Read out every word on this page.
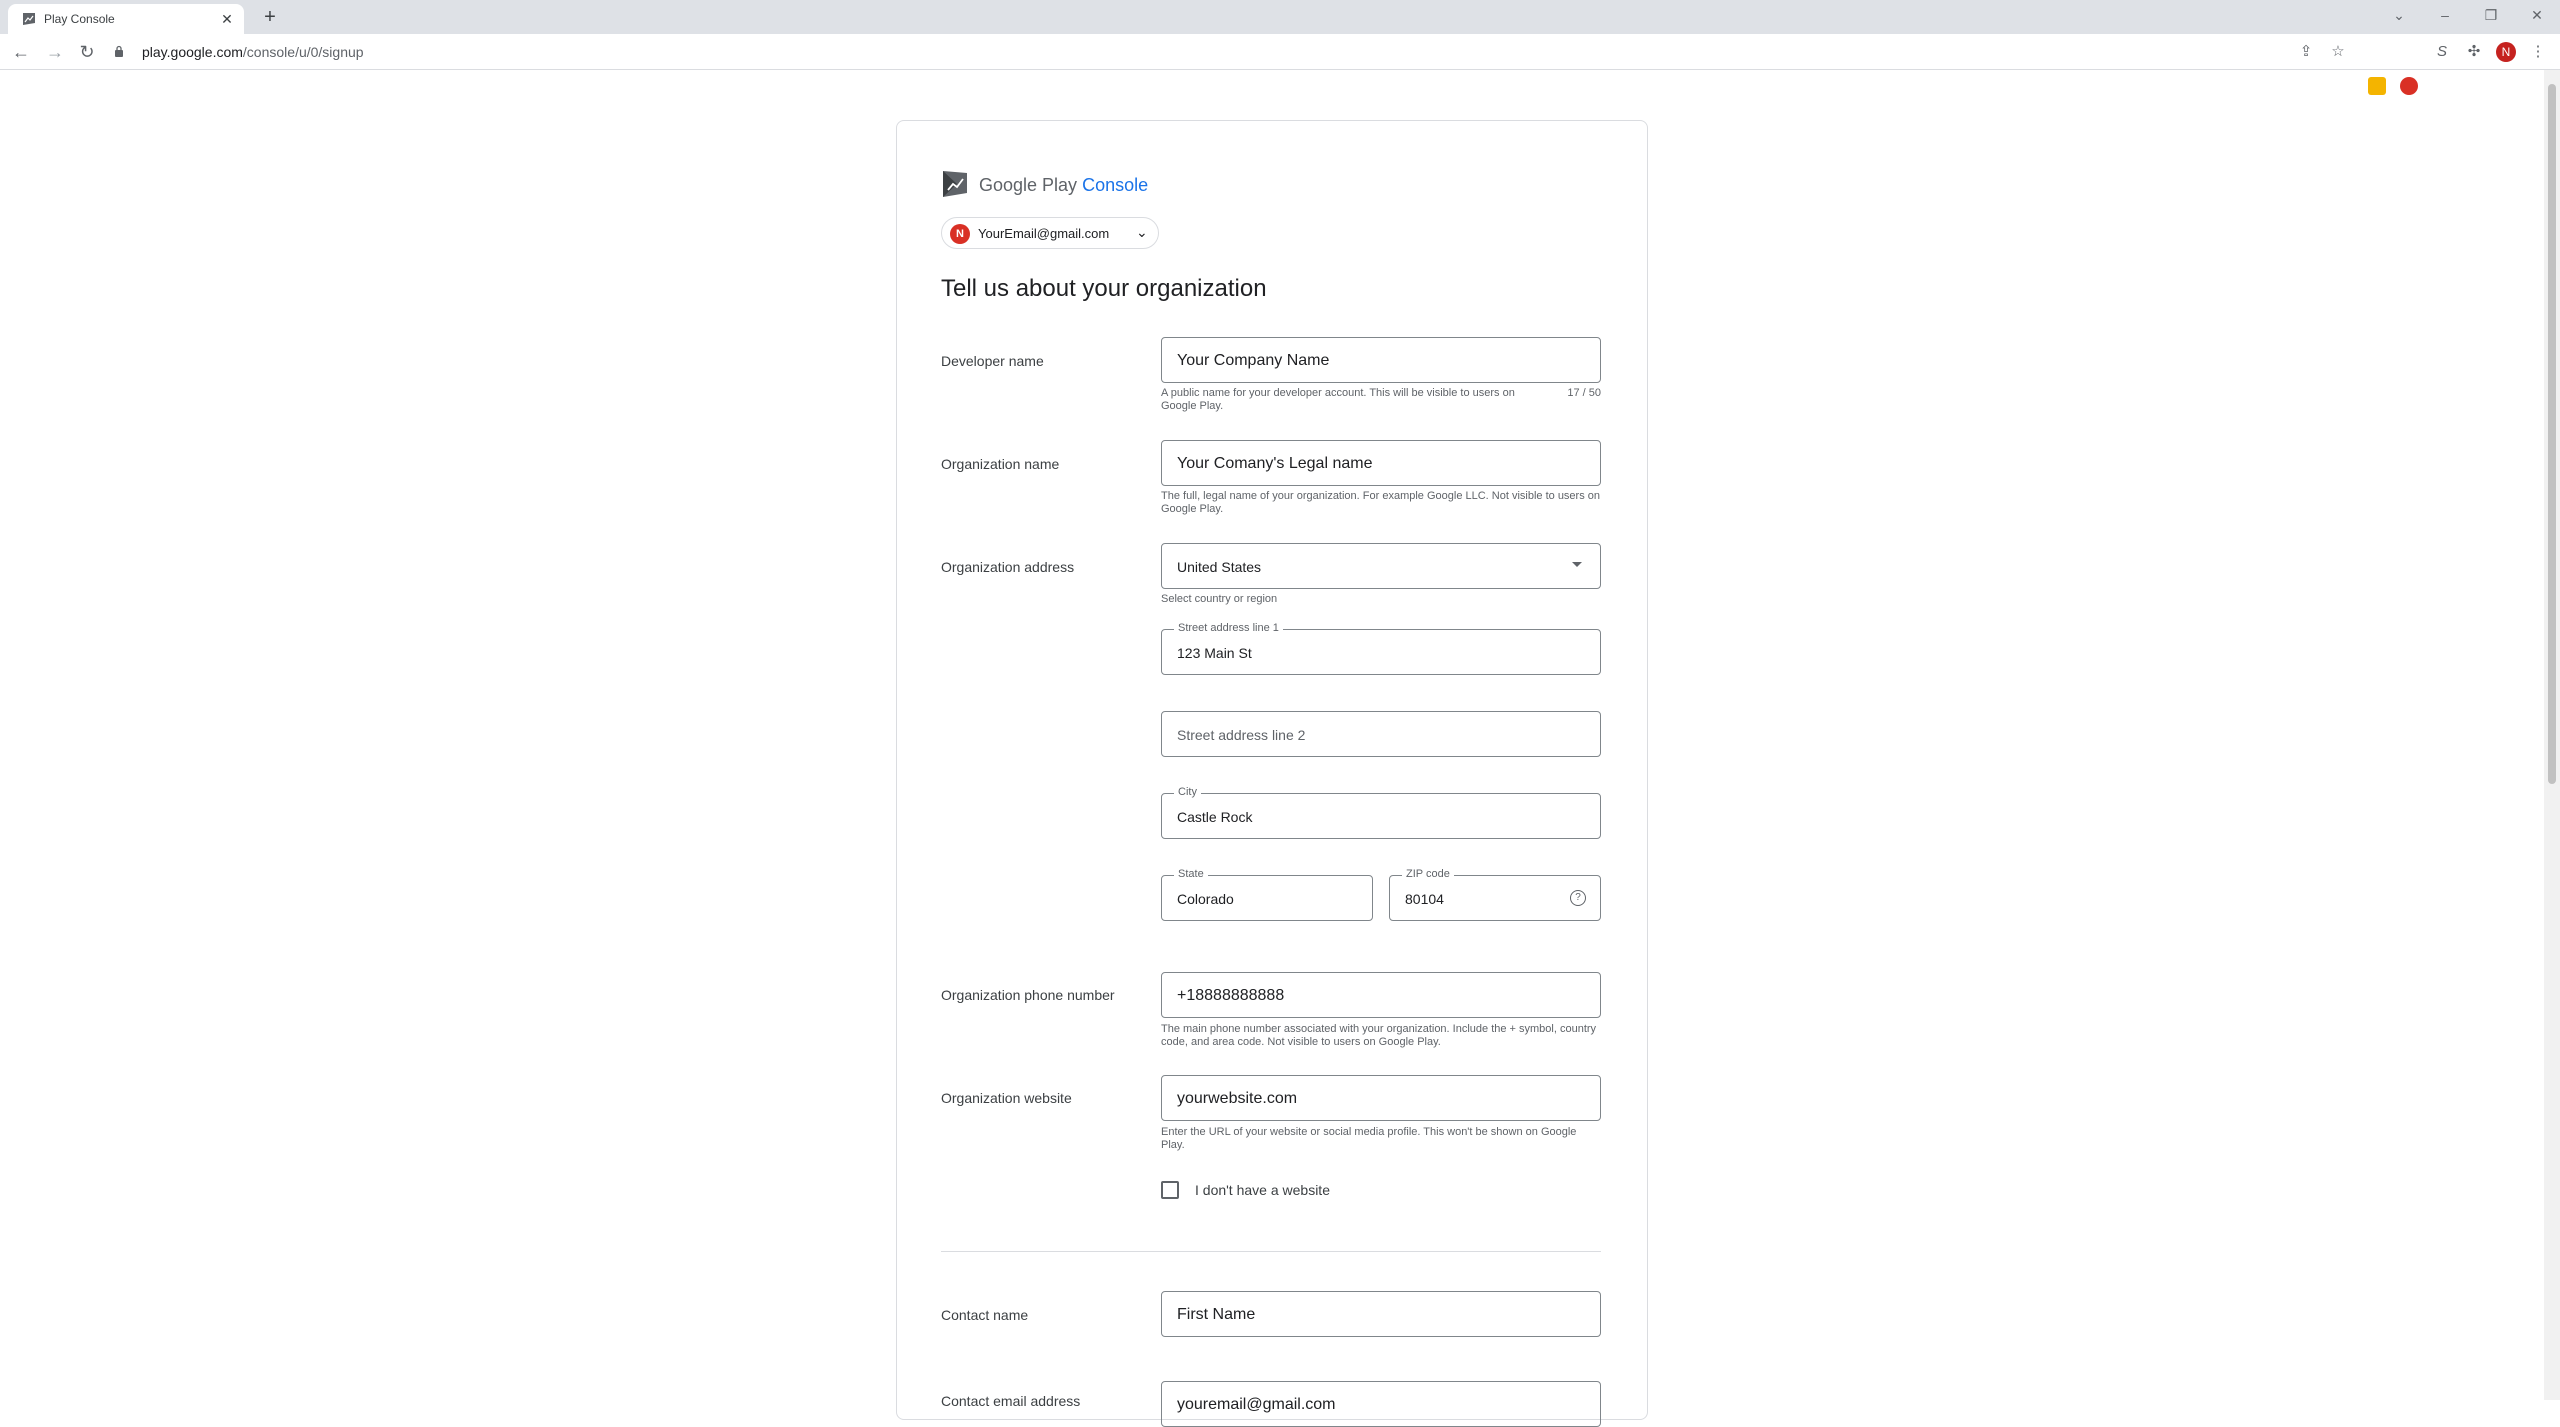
Play Console	✕	+	⌄	–	❐	✕
← → ↻	play.google.com/console/u/0/signup	⇪ ☆	S	✣	N	⋮
Google Play Console
N	YourEmail@gmail.com ⌄
Tell us about your organization
Developer name	Your Company Name
A public name for your developer account. This will be visible to users on Google Play.
17 / 50
Organization name	Your Comany's Legal name
The full, legal name of your organization. For example Google LLC. Not visible to users on Google Play.
Organization address	United States
Select country or region
Street address line 1
123 Main St
Street address line 2
City
Castle Rock
State
Colorado
ZIP code
80104	?
Organization phone number	+18888888888
The main phone number associated with your organization. Include the + symbol, country code, and area code. Not visible to users on Google Play.
Organization website	yourwebsite.com
Enter the URL of your website or social media profile. This won't be shown on Google Play.
I don't have a website
Contact name	First Name
Contact email address	youremail@gmail.com
